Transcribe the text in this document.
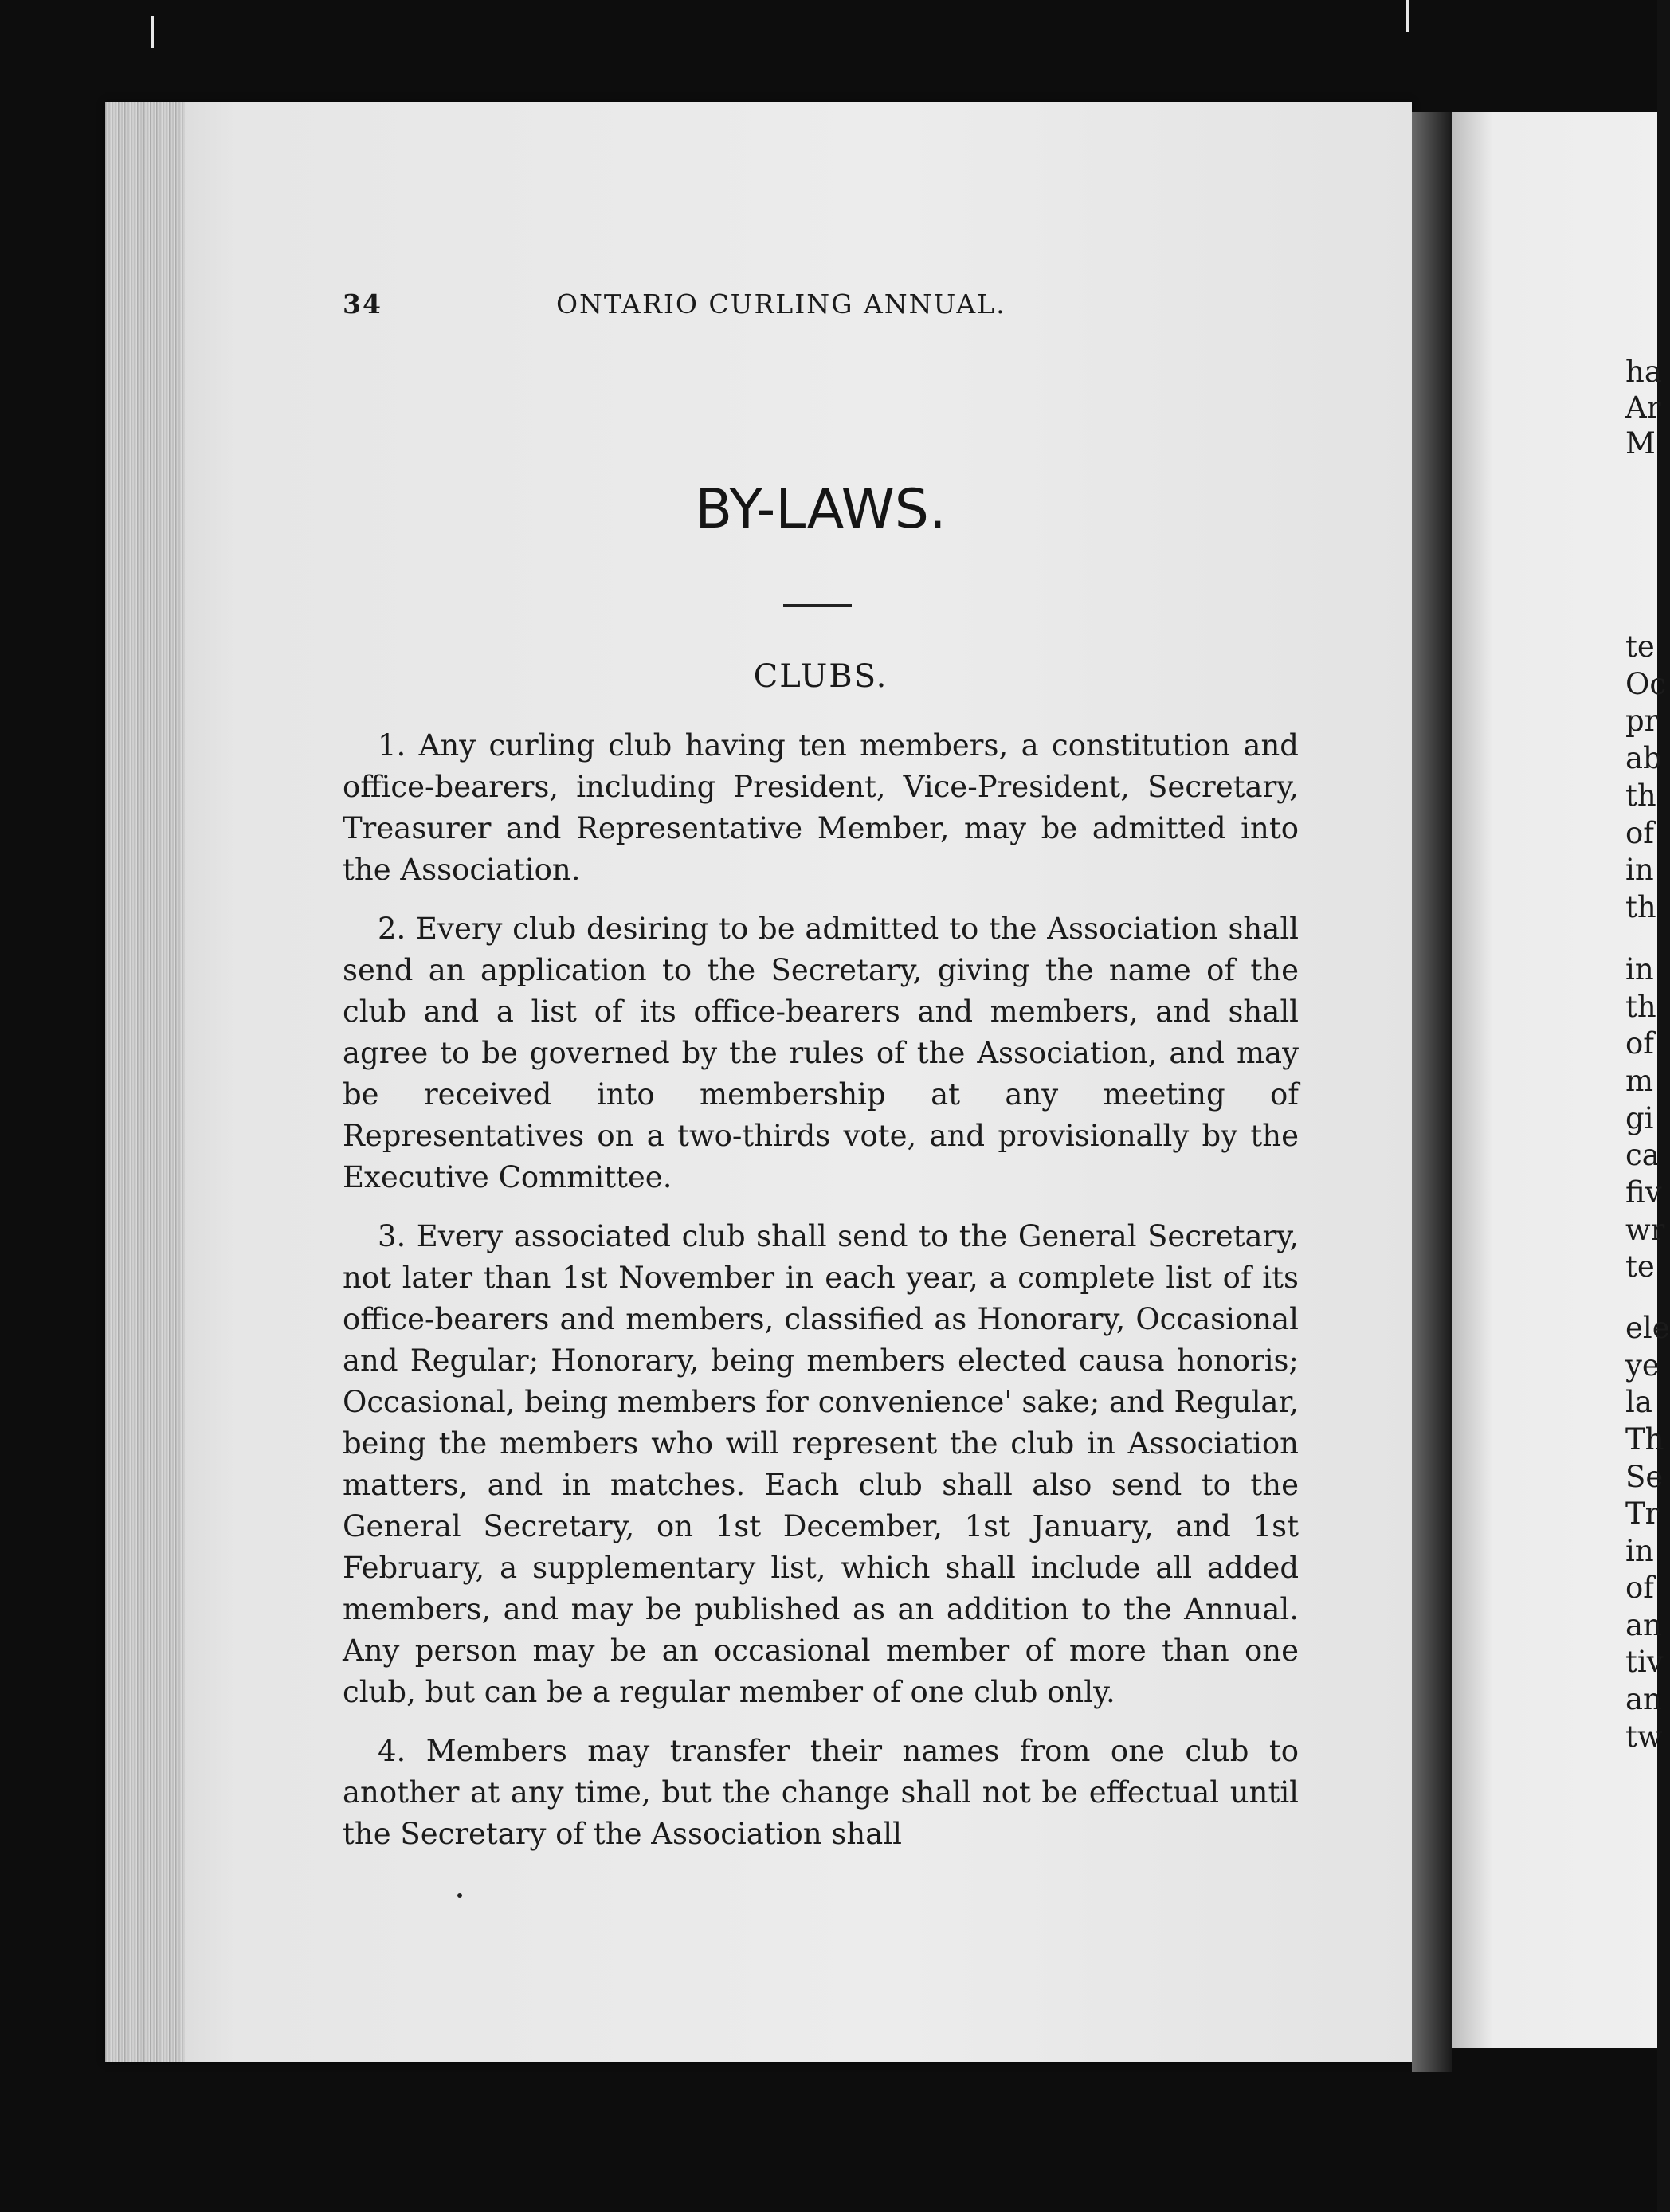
34	ONTARIO CURLING ANNUAL.
BY-LAWS.
CLUBS.

1. Any curling club having ten members, a constitution and office-bearers, including President, Vice-President, Secretary, Treasurer and Representative Member, may be admitted into the Association.

2. Every club desiring to be admitted to the Association shall send an application to the Secretary, giving the name of the club and a list of its office-bearers and members, and shall agree to be governed by the rules of the Association, and may be received into membership at any meeting of Representatives on a two-thirds vote, and provisionally by the Executive Committee.

3. Every associated club shall send to the General Secretary, not later than 1st November in each year, a complete list of its office-bearers and members, classified as Honorary, Occasional and Regular; Honorary, being members elected causa honoris; Occasional, being members for convenience' sake; and Regular, being the members who will represent the club in Association matters, and in matches. Each club shall also send to the General Secretary, on 1st December, 1st January, and 1st February, a supplementary list, which shall include all added members, and may be published as an addition to the Annual. Any person may be an occasional member of more than one club, but can be a regular member of one club only.

4. Members may transfer their names from one club to another at any time, but the change shall not be effectual until the Secretary of the Association shall

ha
Ar
M
te
Oc
pr
ab
th
of
in
th
in
th
of
m
gi
ca
fiv
wr
te
ele
ye
la
Th
Se
Tr
in
of
an
tiv
an
tw
